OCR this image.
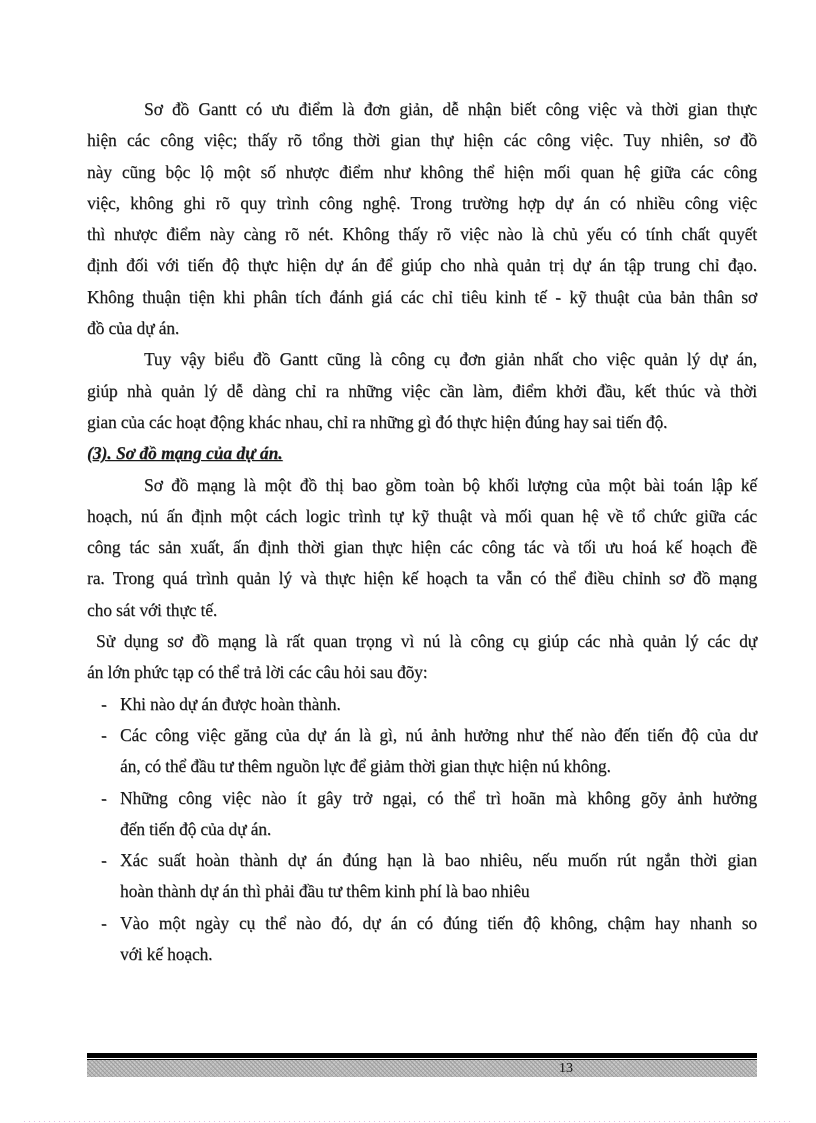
Sơ đồ Gantt có ưu điểm là đơn giản, dễ nhận biết công việc và thời gian thực
hiện các công việc; thấy rõ tổng thời gian thự hiện các công việc. Tuy nhiên, sơ đồ
này cũng bộc lộ một số nhược điểm như không thể hiện mối quan hệ giữa các công
việc, không ghi rõ quy trình công nghệ. Trong trường hợp dự án có nhiều công việc
thì nhược điểm này càng rõ nét. Không thấy rõ việc nào là chủ yếu có tính chất quyết
định đối với tiến độ thực hiện dự án để giúp cho nhà quản trị dự án tập trung chỉ đạo.
Không thuận tiện khi phân tích đánh giá các chỉ tiêu kinh tế - kỹ thuật của bản thân sơ
đồ của dự án.
Tuy vậy biểu đồ Gantt cũng là công cụ đơn giản nhất cho việc quản lý dự án,
giúp nhà quản lý dễ dàng chỉ ra những việc cần làm, điểm khởi đầu, kết thúc và thời
gian của các hoạt động khác nhau, chỉ ra những gì đó thực hiện đúng hay sai tiến độ.
(3). Sơ đồ mạng của dự án.
Sơ đồ mạng là một đồ thị bao gồm toàn bộ khối lượng của một bài toán lập kế
hoạch, nú ấn định một cách logic trình tự kỹ thuật và mối quan hệ về tổ chức giữa các
công tác sản xuất, ấn định thời gian thực hiện các công tác và tối ưu hoá kế hoạch đề
ra. Trong quá trình quản lý và thực hiện kế hoạch ta vẫn có thể điều chỉnh sơ đồ mạng
cho sát với thực tế.
Sử dụng sơ đồ mạng là rất quan trọng vì nú là công cụ giúp các nhà quản lý các dự
án lớn phức tạp có thể trả lời các câu hỏi sau đõy:
- Khi nào dự án được hoàn thành.
- Các công việc găng của dự án là gì, nú ảnh hưởng như thế nào đến tiến độ của dư
án, có thể đầu tư thêm nguồn lực để giảm thời gian thực hiện nú không.
- Những công việc nào ít gây trở ngại, có thể trì hoãn mà không gõy ảnh hưởng
đến tiến độ của dự án.
- Xác suất hoàn thành dự án đúng hạn là bao nhiêu, nếu muốn rút ngắn thời gian
hoàn thành dự án thì phải đầu tư thêm kinh phí là bao nhiêu
- Vào một ngày cụ thể nào đó, dự án có đúng tiến độ không, chậm hay nhanh so
với kế hoạch.
13
